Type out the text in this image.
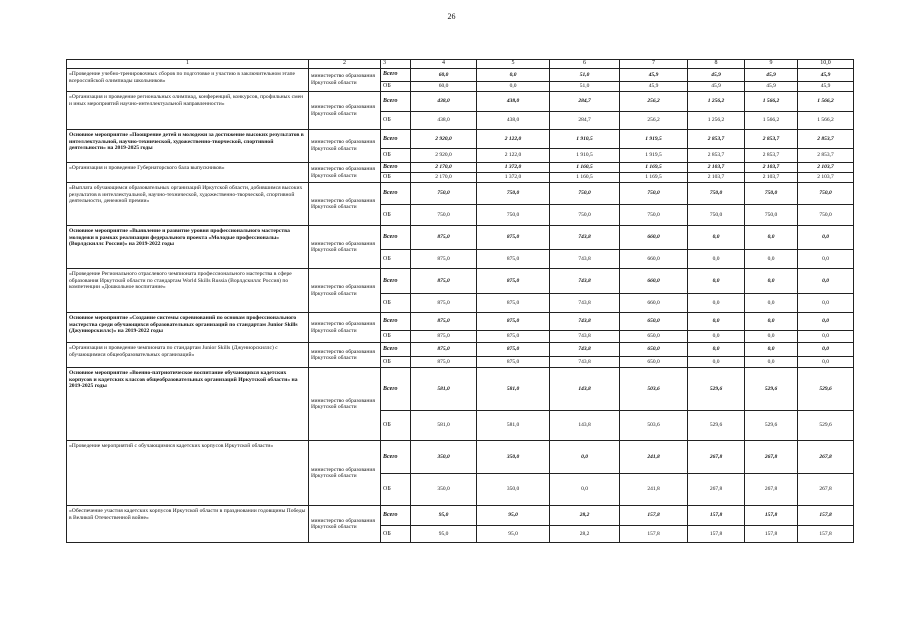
26
1	2	3	4	5	6	7	8	9	10,0
«Проведение учебно-тренировочных сборов по подготовке и участию в заключительном этапе всероссийской олимпиады школьников»	министерство образования Иркутской области	Всего	60,0	0,0	51,0	45,9	45,9	45,9	45,9
		ОБ	60,0	0,0	51,0	45,9	45,9	45,9	45,9
«Организация и проведение региональных олимпиад, конференций, конкурсов, профильных смен и иных мероприятий научно-интеллектуальной направленности»	министерство образования Иркутской области	Всего	438,0	438,0	284,7	256,2	1 256,2	1 566,2	1 566,2
		ОБ	438,0	438,0	284,7	256,2	1 256,2	1 566,2	1 566,2
Основное мероприятие «Поощрение детей и молодежи за достижение высоких результатов в интеллектуальной, научно-технической, художественно-творческой, спортивной деятельности» на 2019-2025 годы	министерство образования Иркутской области	Всего	2 920,0	2 122,0	1 910,5	1 919,5	2 853,7	2 853,7	2 853,7
		ОБ	2 920,0	2 122,0	1 910,5	1 919,5	2 853,7	2 853,7	2 853,7
«Организация и проведение Губернаторского бала выпускников»	министерство образования Иркутской области	Всего	2 170,0	1 372,0	1 160,5	1 169,5	2 103,7	2 103,7	2 103,7
		ОБ	2 170,0	1 372,0	1 160,5	1 169,5	2 103,7	2 103,7	2 103,7
«Выплата обучающимся образовательных организаций Иркутской области, добившимся высоких результатов в интеллектуальной, научно-технической, художественно-творческой, спортивной деятельности, денежной премии»	министерство образования Иркутской области	Всего	750,0	750,0	750,0	750,0	750,0	750,0	750,0
		ОБ	750,0	750,0	750,0	750,0	750,0	750,0	750,0
Основное мероприятие «Выявление и развитие уровня профессионального мастерства молодежи в рамках реализации федерального проекта «Молодые профессионалы» (Ворлдскиллс Россия)» на 2019-2022 годы	министерство образования Иркутской области	Всего	875,0	875,0	743,8	660,0	0,0	0,0	0,0
		ОБ	875,0	875,0	743,8	660,0	0,0	0,0	0,0
«Проведение Регионального отраслевого чемпионата профессионального мастерства в сфере образования Иркутской области по стандартам World Skills Russia (Ворлдскиллс Россия) по компетенции «Дошкольное воспитание»	министерство образования Иркутской области	Всего	875,0	875,0	743,8	660,0	0,0	0,0	0,0
		ОБ	875,0	875,0	743,8	660,0	0,0	0,0	0,0
Основное мероприятие «Создание системы соревнований по основам профессионального мастерства среди обучающихся образовательных организаций по стандартам Junior Skills (Джуниорскиллс)» на 2019-2022 годы	министерство образования Иркутской области	Всего	875,0	875,0	743,8	650,0	0,0	0,0	0,0
		ОБ	875,0	875,0	743,8	650,0	0,0	0,0	0,0
«Организация и проведение чемпионата по стандартам Junior Skills (Джуниорскиллс) с обучающимися общеобразовательных организаций»	министерство образования Иркутской области	Всего	875,0	875,0	743,8	650,0	0,0	0,0	0,0
		ОБ	875,0	875,0	743,8	650,0	0,0	0,0	0,0
Основное мероприятие «Военно-патриотическое воспитание обучающихся кадетских корпусов и кадетских классов общеобразовательных организаций Иркутской области» на 2019-2025 годы	министерство образования Иркутской области	Всего	581,0	581,0	143,8	503,6	529,6	529,6	529,6
		ОБ	581,0	581,0	143,8	503,6	529,6	529,6	529,6
«Проведение мероприятий с обучающимися кадетских корпусов Иркутской области»	министерство образования Иркутской области	Всего	350,0	350,0	0,0	241,8	267,8	267,8	267,8
		ОБ	350,0	350,0	0,0	241,8	267,8	267,8	267,8
«Обеспечение участия кадетских корпусов Иркутской области в праздновании годовщины Победы в Великой Отечественной войне»	министерство образования Иркутской области	Всего	95,0	95,0	28,2	157,8	157,8	157,8	157,8
		ОБ	95,0	95,0	28,2	157,8	157,8	157,8	157,8
